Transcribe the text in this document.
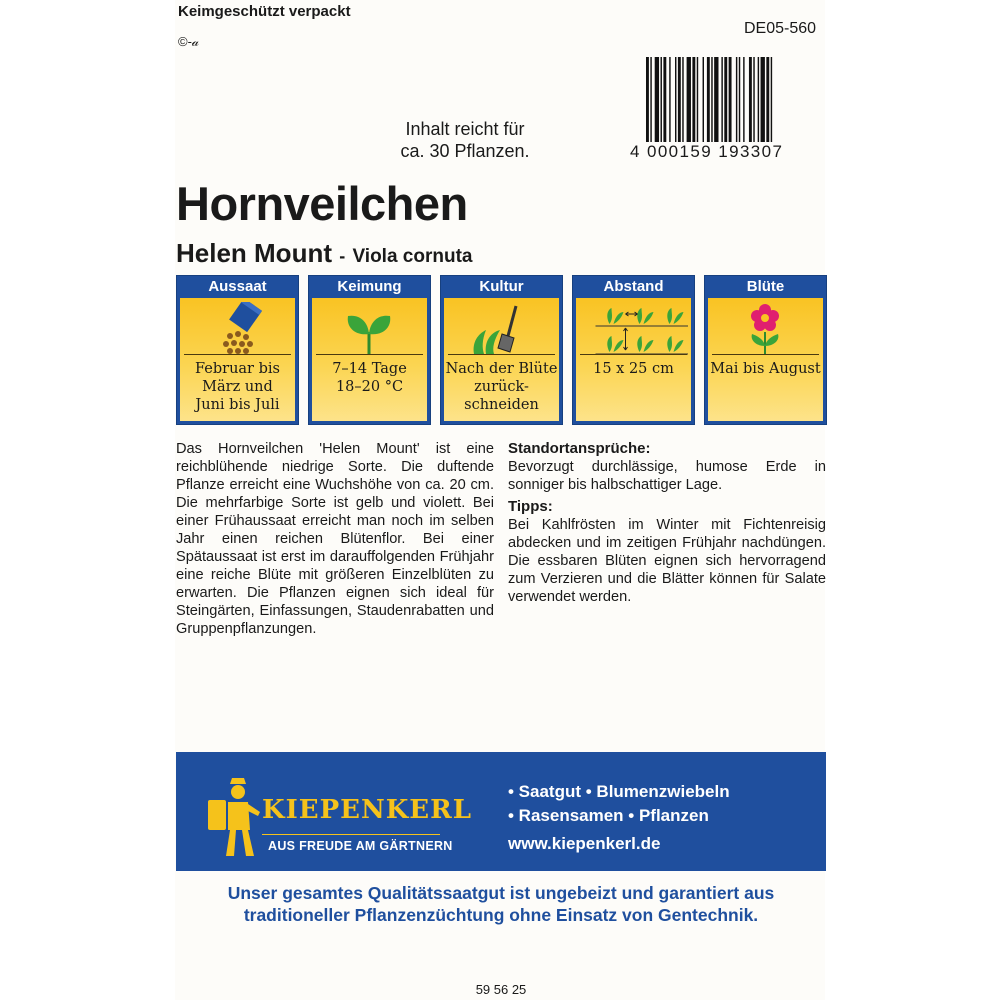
Keimgeschützt verpackt
©-𝒶
DE05-560
4 000159 193307
Inhalt reicht für
ca. 30 Pflanzen.
Hornveilchen
Helen Mount - Viola cornuta
Aussaat
Februar bis
März und
Juni bis Juli
Keimung
7–14 Tage
18–20 °C
Kultur
Nach der Blüte
zurück-
schneiden
Abstand
15 x 25 cm
Blüte
Mai bis August
Das Hornveilchen 'Helen Mount' ist eine reichblühende niedrige Sorte. Die duftende Pflanze erreicht eine Wuchshöhe von ca. 20 cm. Die mehrfarbige Sorte ist gelb und violett. Bei einer Frühaussaat erreicht man noch im selben Jahr einen reichen Blütenflor. Bei einer Spätaussaat ist erst im darauffolgenden Frühjahr eine reiche Blüte mit größeren Einzelblüten zu erwarten. Die Pflanzen eignen sich ideal für Steingärten, Einfassungen, Staudenrabatten und Gruppenpflanzungen.
Standortansprüche:

Bevorzugt durchlässige, humose Erde in sonniger bis halbschattiger Lage.

Tipps:

Bei Kahlfrösten im Winter mit Fichtenreisig abdecken und im zeitigen Frühjahr nachdüngen. Die essbaren Blüten eignen sich hervorragend zum Verzieren und die Blätter können für Salate verwendet werden.

KIEPENKERL
AUS FREUDE AM GÄRTNERN
• Saatgut • Blumenzwiebeln
• Rasensamen • Pflanzen
www.kiepenkerl.de
Unser gesamtes Qualitätssaatgut ist ungebeizt und garantiert aus
traditioneller Pflanzenzüchtung ohne Einsatz von Gentechnik.
59 56 25
